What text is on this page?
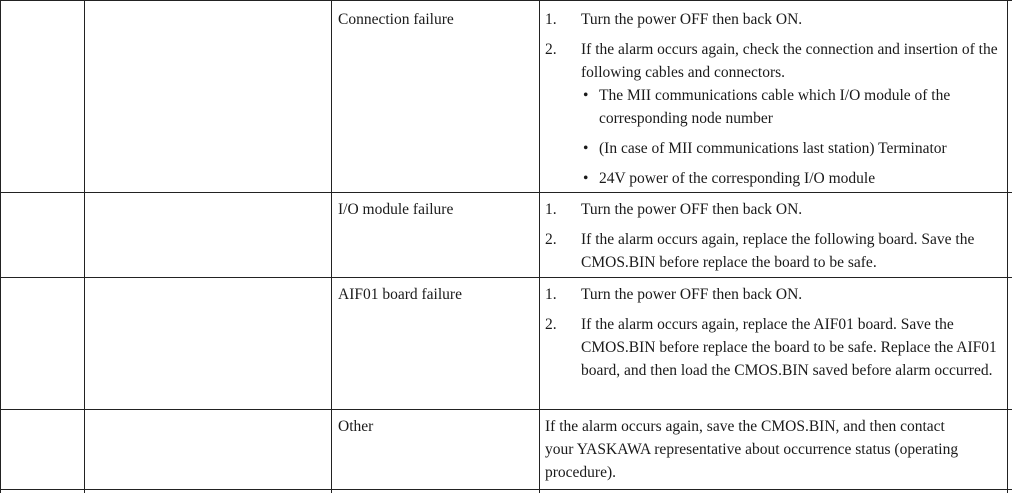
Connection failure	1. Turn the power OFF then back ON.
2. If the alarm occurs again, check the connection and insertion of the following cables and connectors.
• The MII communications cable which I/O module of the corresponding node number
• (In case of MII communications last station) Terminator
• 24V power of the corresponding I/O module
I/O module failure	1. Turn the power OFF then back ON.
2. If the alarm occurs again, replace the following board. Save the CMOS.BIN before replace the board to be safe.
AIF01 board failure	1. Turn the power OFF then back ON.
2. If the alarm occurs again, replace the AIF01 board. Save the CMOS.BIN before replace the board to be safe. Replace the AIF01 board, and then load the CMOS.BIN saved before alarm occurred.
Other	If the alarm occurs again, save the CMOS.BIN, and then contact your YASKAWA representative about occurrence status (operating procedure).
